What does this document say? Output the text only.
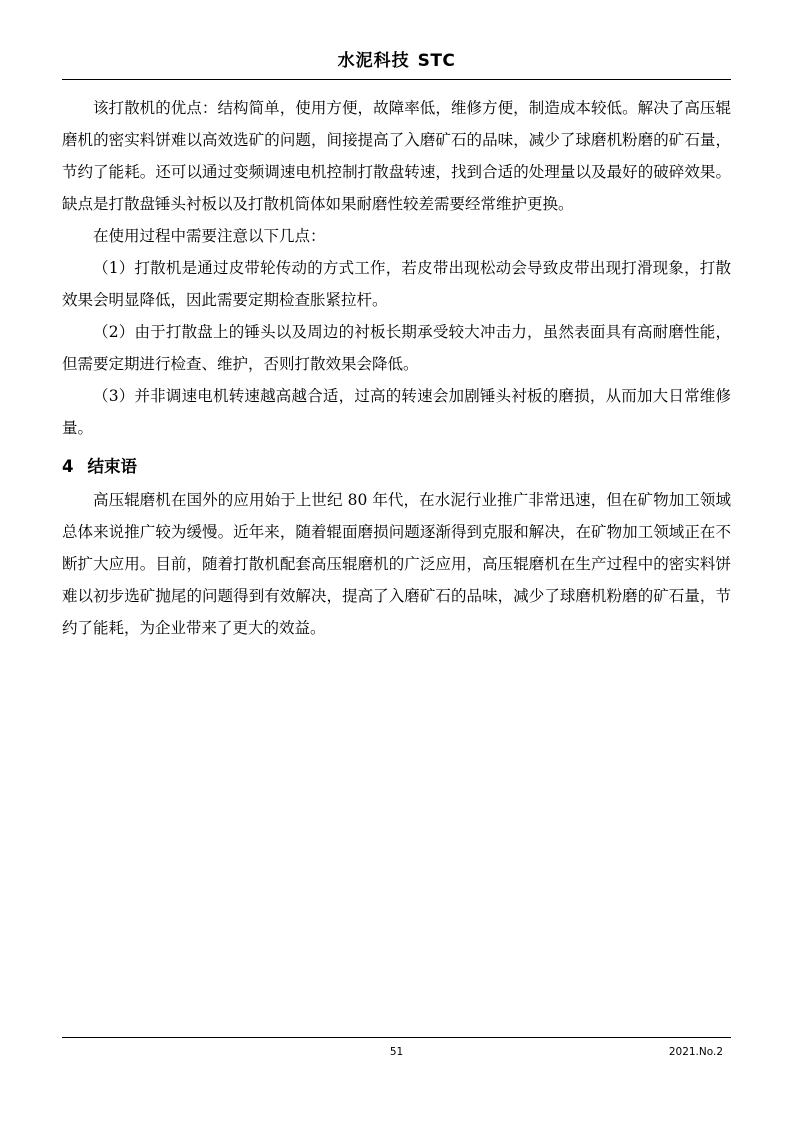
水泥科技 STC

该打散机的优点：结构简单，使用方便，故障率低，维修方便，制造成本较低。解决了高压辊磨机的密实料饼难以高效选矿的问题，间接提高了入磨矿石的品味，减少了球磨机粉磨的矿石量，节约了能耗。还可以通过变频调速电机控制打散盘转速，找到合适的处理量以及最好的破碎效果。缺点是打散盘锤头衬板以及打散机筒体如果耐磨性较差需要经常维护更换。

在使用过程中需要注意以下几点：

（1）打散机是通过皮带轮传动的方式工作，若皮带出现松动会导致皮带出现打滑现象，打散效果会明显降低，因此需要定期检查胀紧拉杆。

（2）由于打散盘上的锤头以及周边的衬板长期承受较大冲击力，虽然表面具有高耐磨性能，但需要定期进行检查、维护，否则打散效果会降低。

（3）并非调速电机转速越高越合适，过高的转速会加剧锤头衬板的磨损，从而加大日常维修量。

4 结束语

高压辊磨机在国外的应用始于上世纪 80 年代，在水泥行业推广非常迅速，但在矿物加工领域总体来说推广较为缓慢。近年来，随着辊面磨损问题逐渐得到克服和解决，在矿物加工领域正在不断扩大应用。目前，随着打散机配套高压辊磨机的广泛应用，高压辊磨机在生产过程中的密实料饼难以初步选矿抛尾的问题得到有效解决，提高了入磨矿石的品味，减少了球磨机粉磨的矿石量，节约了能耗，为企业带来了更大的效益。

51	2021.No.2
